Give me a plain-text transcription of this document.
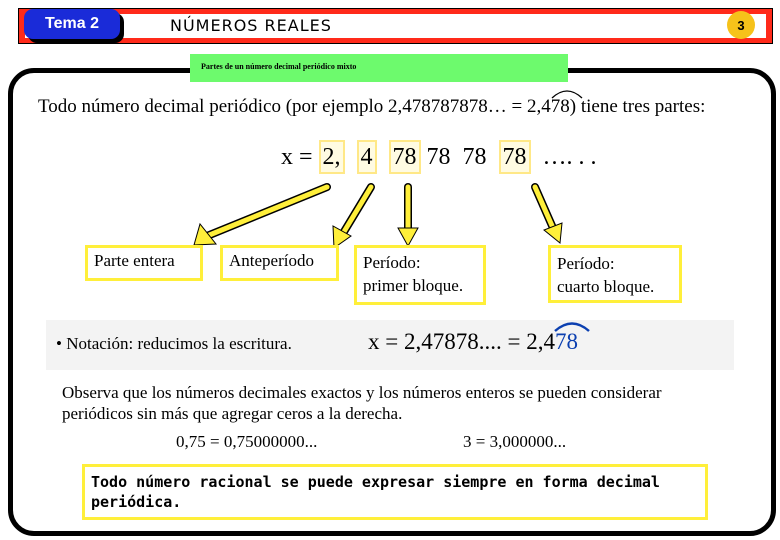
Tema 2	NÚMEROS REALES	3
Partes de un número decimal periódico mixto
Todo número decimal periódico (por ejemplo 2,478787878… = 2,4
78) tiene tres partes:
x = 2, 4 78 78 78 78 …. . .
Parte entera	Anteperíodo	Período:
primer bloque.
Período:
cuarto bloque.
• Notación: reducimos la escritura.	x = 2,47878.... = 2,4
78
Observa que los números decimales exactos y los números enteros se pueden considerar periódicos sin más que agregar ceros a la derecha.
0,75 = 0,75000000...	3 = 3,000000...
Todo número racional se puede expresar siempre en forma decimal periódica.
